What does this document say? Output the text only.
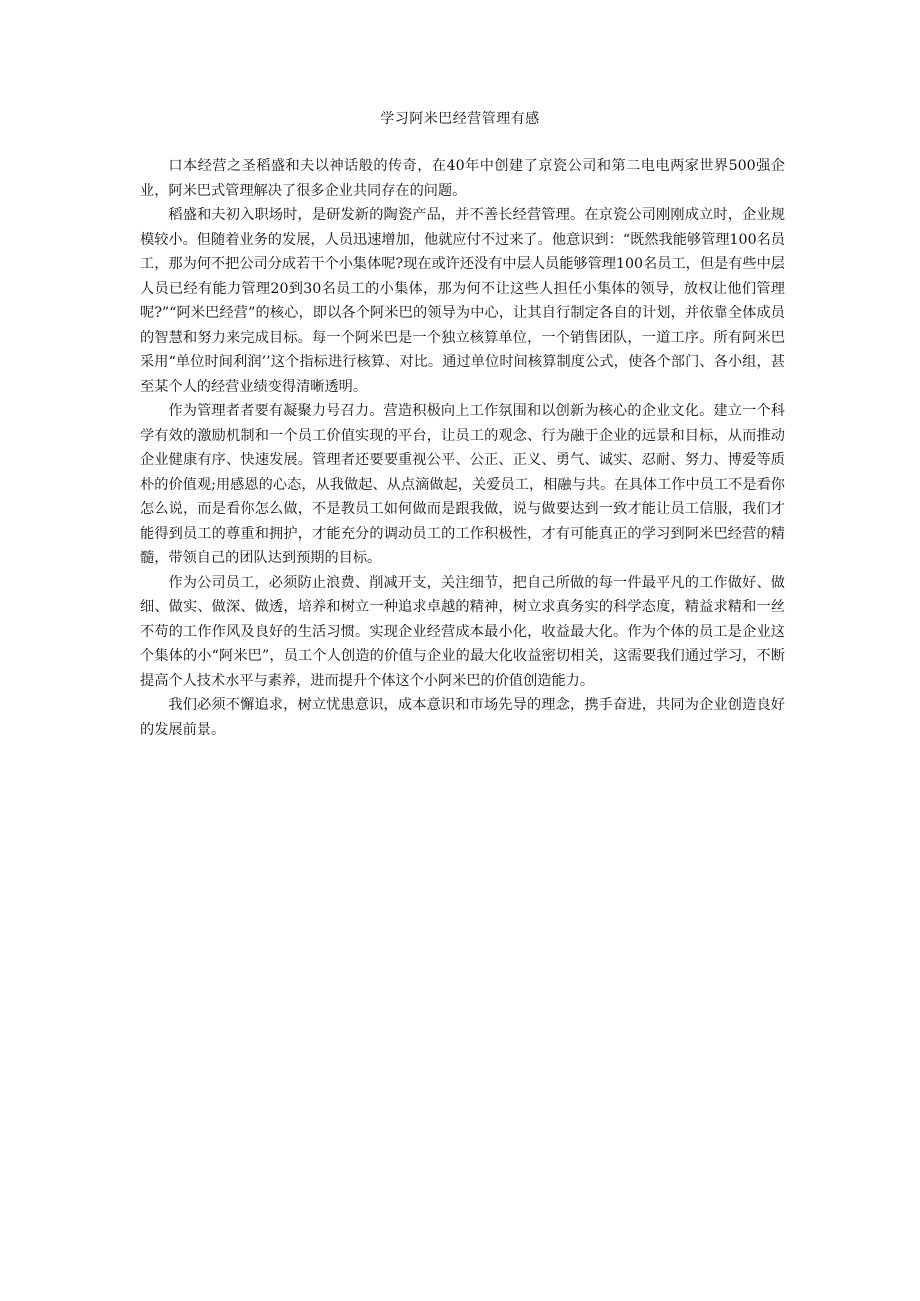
学习阿米巴经营管理有感

口本经营之圣稻盛和夫以神话般的传奇，在40年中创建了京瓷公司和第二电电两家世界500强企业，阿米巴式管理解决了很多企业共同存在的问题。

稻盛和夫初入职场时，是研发新的陶瓷产品，并不善长经营管理。在京瓷公司刚刚成立时，企业规模较小。但随着业务的发展，人员迅速增加，他就应付不过来了。他意识到：“既然我能够管理100名员工，那为何不把公司分成若干个小集体呢?现在或许还没有中层人员能够管理100名员工，但是有些中层人员已经有能力管理20到30名员工的小集体，那为何不让这些人担任小集体的领导，放权让他们管理呢?”“阿米巴经营”的核心，即以各个阿米巴的领导为中心，让其自行制定各自的计划，并依靠全体成员的智慧和努力来完成目标。每一个阿米巴是一个独立核算单位，一个销售团队，一道工序。所有阿米巴采用“单位时间利润’’这个指标进行核算、对比。通过单位时间核算制度公式，使各个部门、各小组，甚至某个人的经营业绩变得清晰透明。

作为管理者者要有凝聚力号召力。营造积极向上工作氛围和以创新为核心的企业文化。建立一个科学有效的激励机制和一个员工价值实现的平台，让员工的观念、行为融于企业的远景和目标，从而推动企业健康有序、快速发展。管理者还要要重视公平、公正、正义、勇气、诚实、忍耐、努力、博爱等质朴的价值观;用感恩的心态，从我做起、从点滴做起，关爱员工，相融与共。在具体工作中员工不是看你怎么说，而是看你怎么做，不是教员工如何做而是跟我做，说与做要达到一致才能让员工信服，我们才能得到员工的尊重和拥护，才能充分的调动员工的工作积极性，才有可能真正的学习到阿米巴经营的精髓，带领自己的团队达到预期的目标。

作为公司员工，必须防止浪费、削减开支，关注细节，把自己所做的每一件最平凡的工作做好、做细、做实、做深、做透，培养和树立一种追求卓越的精神，树立求真务实的科学态度，精益求精和一丝不苟的工作作风及良好的生活习惯。实现企业经营成本最小化，收益最大化。作为个体的员工是企业这个集体的小“阿米巴”，员工个人创造的价值与企业的最大化收益密切相关，这需要我们通过学习，不断提高个人技术水平与素养，进而提升个体这个小阿米巴的价值创造能力。

我们必须不懈追求，树立忧患意识，成本意识和市场先导的理念，携手奋进，共同为企业创造良好的发展前景。
